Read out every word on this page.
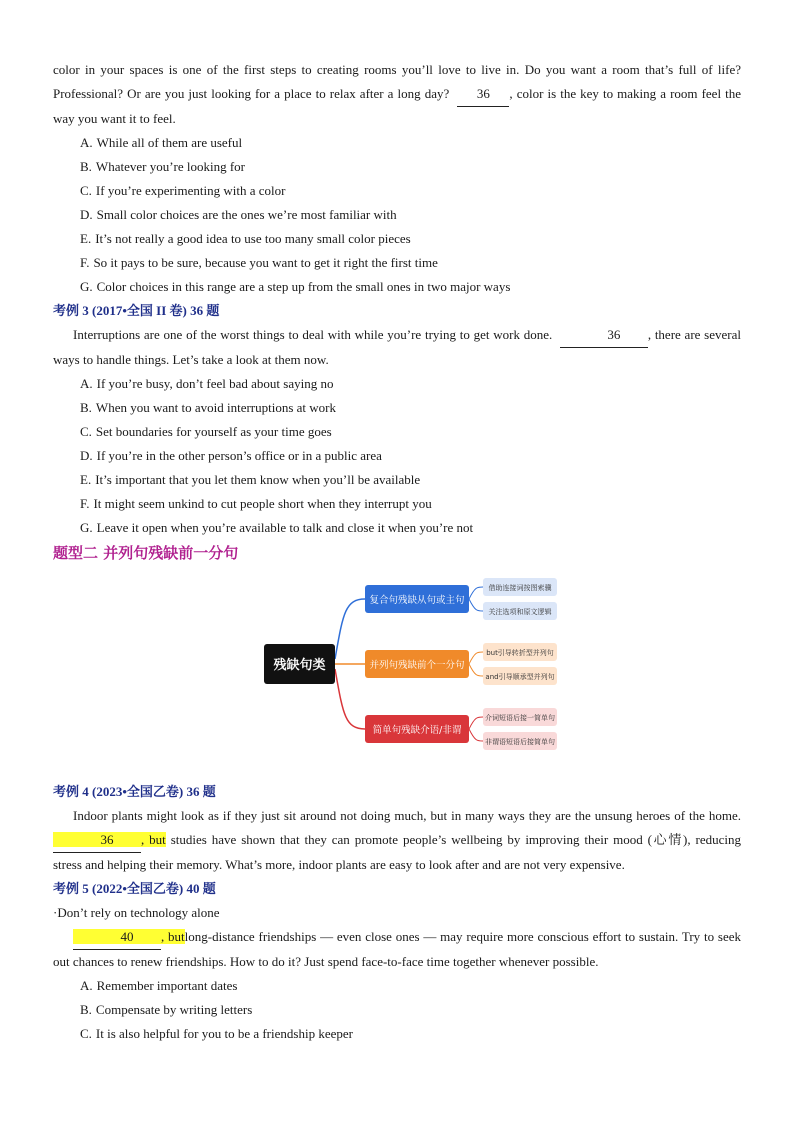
color in your spaces is one of the first steps to creating rooms you’ll love to live in. Do you want a room that’s full of life? Professional? Or are you just looking for a place to relax after a long day? 36 , color is the key to making a room feel the way you want it to feel.

A. While all of them are useful
B. Whatever you’re looking for
C. If you’re experimenting with a color
D. Small color choices are the ones we’re most familiar with
E. It’s not really a good idea to use too many small color pieces
F. So it pays to be sure, because you want to get it right the first time
G. Color choices in this range are a step up from the small ones in two major ways
考例 3 (2017•全国 II 卷) 36 题

Interruptions are one of the worst things to deal with while you’re trying to get work done.	36 , there are several ways to handle things. Let’s take a look at them now.

A. If you’re busy, don’t feel bad about saying no
B. When you want to avoid interruptions at work
C. Set boundaries for yourself as your time goes
D. If you’re in the other person’s office or in a public area
E. It’s important that you let them know when you’ll be available
F. It might seem unkind to cut people short when they interrupt you
G. Leave it open when you’re available to talk and close it when you’re not
题型二 并列句残缺前一分句
残缺句类
复合句残缺从句或主句
借助连接词按图索骥
关注选项和原文逻辑
并列句残缺前个一分句
but引导转折型并列句
and引导顺承型并列句
简单句残缺介语/非谓
介词短语后接一简单句
非谓语短语后接简单句
考例 4 (2023•全国乙卷) 36 题

Indoor plants might look as if they just sit around not doing much, but in many ways they are the unsung heroes of the home. 36 , but studies have shown that they can promote people’s wellbeing by improving their mood (心情), reducing stress and helping their memory. What’s more, indoor plants are easy to look after and are not very expensive.

考例 5 (2022•全国乙卷) 40 题

·Don’t rely on technology alone

40 , butlong-distance friendships — even close ones — may require more conscious effort to sustain. Try to seek out chances to renew friendships. How to do it? Just spend face-to-face time together whenever possible.

A. Remember important dates
B. Compensate by writing letters
C. It is also helpful for you to be a friendship keeper
